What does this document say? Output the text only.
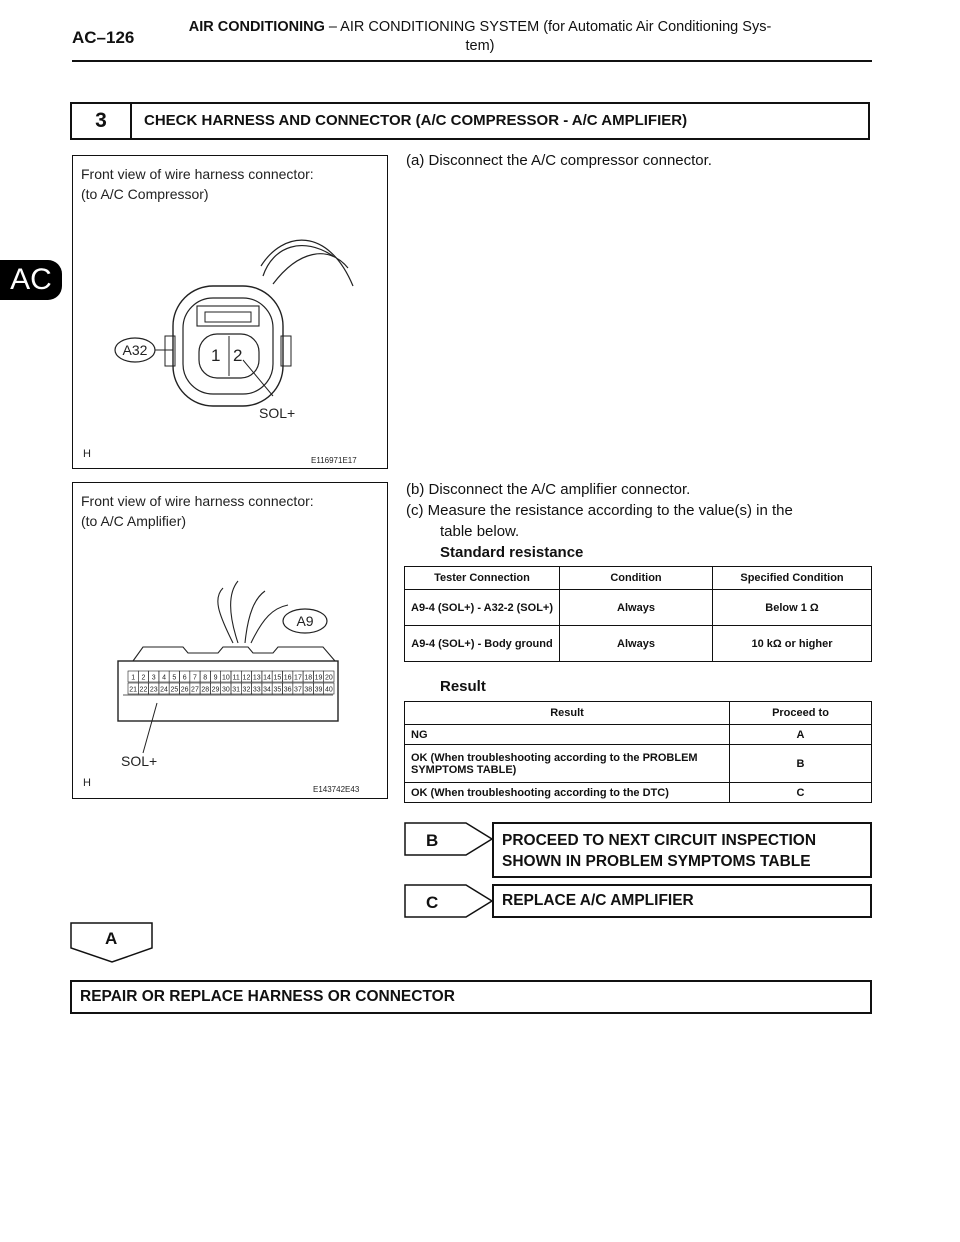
AC–126
AIR CONDITIONING – AIR CONDITIONING SYSTEM (for Automatic Air Conditioning Sys-
tem)
AC
3	CHECK HARNESS AND CONNECTOR (A/C COMPRESSOR - A/C AMPLIFIER)
Front view of wire harness connector:
(to A/C Compressor)
A32	1 2
SOL+
H
E116971E17
Front view of wire harness connector:
(to A/C Amplifier)
A9
1 2 3 4 5 6 7 8 9 10 11 12 13 14 15 16 17 18 19 20
21 22 23 24 25 26 27 28 29 30 31 32 33 34 35 36 37 38 39 40
SOL+
H
E143742E43
(a) Disconnect the A/C compressor connector.
(b) Disconnect the A/C amplifier connector.
(c) Measure the resistance according to the value(s) in the
table below.
Standard resistance
Tester Connection	Condition	Specified Condition
A9-4 (SOL+) - A32-2 (SOL+)	Always	Below 1 Ω
A9-4 (SOL+) - Body ground	Always	10 kΩ or higher
Result
Result	Proceed to
NG	A
OK (When troubleshooting according to the PROBLEM SYMPTOMS TABLE)	B
OK (When troubleshooting according to the DTC)	C
B	PROCEED TO NEXT CIRCUIT INSPECTION
SHOWN IN PROBLEM SYMPTOMS TABLE
C	REPLACE A/C AMPLIFIER
A
REPAIR OR REPLACE HARNESS OR CONNECTOR
